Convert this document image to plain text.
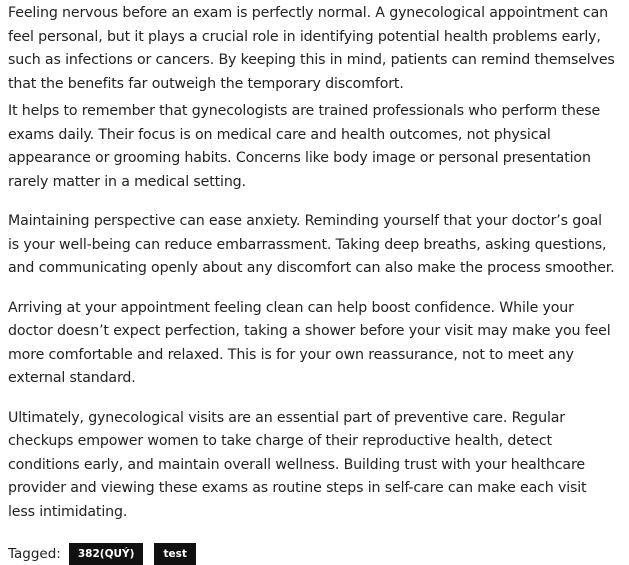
Feeling nervous before an exam is perfectly normal. A gynecological appointment can feel personal, but it plays a crucial role in identifying potential health problems early, such as infections or cancers. By keeping this in mind, patients can remind themselves that the benefits far outweigh the temporary discomfort.

It helps to remember that gynecologists are trained professionals who perform these exams daily. Their focus is on medical care and health outcomes, not physical appearance or grooming habits. Concerns like body image or personal presentation rarely matter in a medical setting.

Maintaining perspective can ease anxiety. Reminding yourself that your doctor’s goal is your well-being can reduce embarrassment. Taking deep breaths, asking questions, and communicating openly about any discomfort can also make the process smoother.

Arriving at your appointment feeling clean can help boost confidence. While your doctor doesn’t expect perfection, taking a shower before your visit may make you feel more comfortable and relaxed. This is for your own reassurance, not to meet any external standard.

Ultimately, gynecological visits are an essential part of preventive care. Regular checkups empower women to take charge of their reproductive health, detect conditions early, and maintain overall wellness. Building trust with your healthcare provider and viewing these exams as routine steps in self-care can make each visit less intimidating.

Tagged:	382(QUÝ)	test
